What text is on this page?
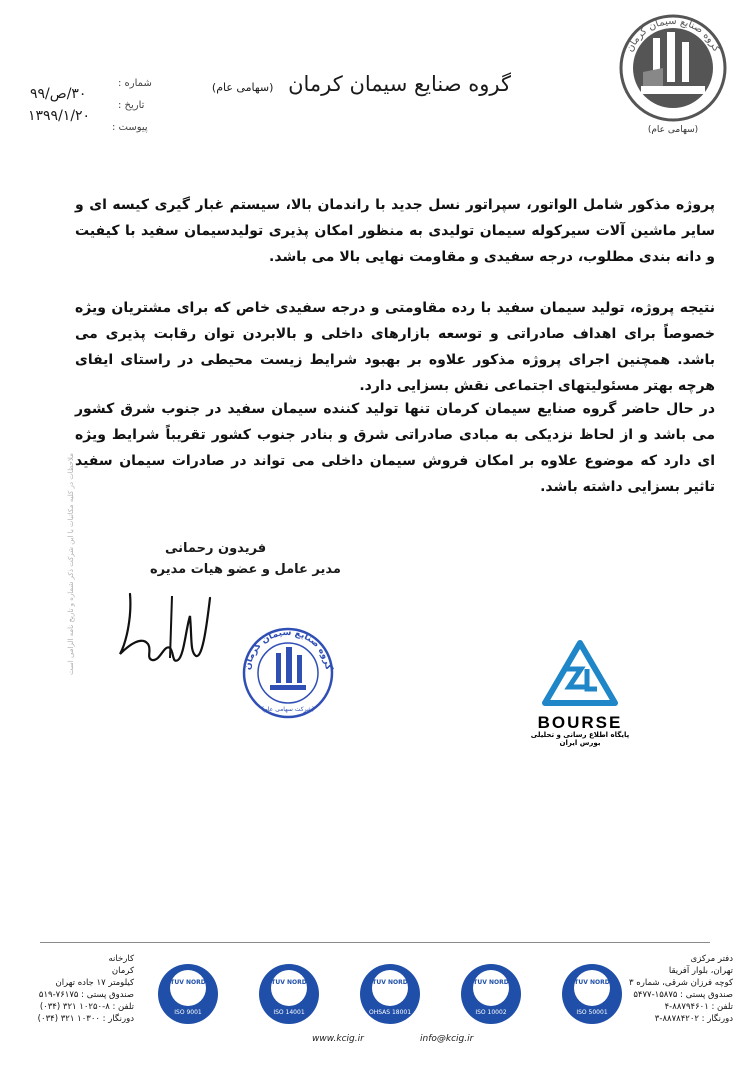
گروه صنایع سیمان کرمان
(سهامی عام)
گروه صنایع سیمان کرمان (سهامی عام)
شماره :
۳۰/ص/۹۹
تاریخ :
۱۳۹۹/۱/۲۰
پیوست :
پروژه مذکور شامل الواتور، سپراتور نسل جدید با راندمان بالا، سیستم غبار گیری کیسه ای و سایر ماشین آلات سیرکوله سیمان تولیدی به منظور امکان پذیری تولیدسیمان سفید با کیفیت و دانه بندی مطلوب، درجه سفیدی و مقاومت نهایی بالا می باشد.
نتیجه پروژه، تولید سیمان سفید با رده مقاومتی و درجه سفیدی خاص که برای مشتریان ویژه خصوصاً برای اهداف صادراتی و توسعه بازارهای داخلی و بالابردن توان رقابت پذیری می باشد. همچنین اجرای پروژه مذکور علاوه بر بهبود شرایط زیست محیطی در راستای ایفای هرچه بهتر مسئولیتهای اجتماعی نقش بسزایی دارد.
در حال حاضر گروه صنایع سیمان کرمان تنها تولید کننده سیمان سفید در جنوب شرق کشور می باشد و از لحاظ نزدیکی به مبادی صادراتی شرق و بنادر جنوب کشور تقریباً شرایط ویژه ای دارد که موضوع علاوه بر امکان فروش سیمان داخلی می تواند در صادرات سیمان سفید تاثیر بسزایی داشته باشد.
ملاحظات در کلیه مکاتبات با این شرکت ذکر شماره و تاریخ نامه الزامی است	فریدون رحمانی
مدیر عامل و عضو هیات مدیره
گروه صنایع سیمان کرمان
(شرکت سهامی عام)
BOURSE
پایگاه اطلاع رسانی و تحلیلی بورس ایران
دفتر مرکزی
تهران، بلوار آفریقا
کوچه فرزان شرقی، شماره ۳
صندوق پستی : ۱۵۸۷۵-۵۴۷۷
تلفن : ۸۸۷۹۴۶۰۱-۴
دورنگار : ۸۸۷۸۴۲۰۲-۳
کارخانه
کرمان
کیلومتر ۱۷ جاده تهران
صندوق پستی : ۷۶۱۷۵-۵۱۹
تلفن : ۸-۱۰۲۵۰ ۳۲۱ (۰۳۴)
دورنگار : ۱۰۳۰۰ ۳۲۱ (۰۳۴)
TUV NORD
ISO 50001
TUV NORD
ISO 10002
TUV NORD
OHSAS 18001
TUV NORD
ISO 14001
TUV NORD
ISO 9001
www.kcig.ir	info@kcig.ir
